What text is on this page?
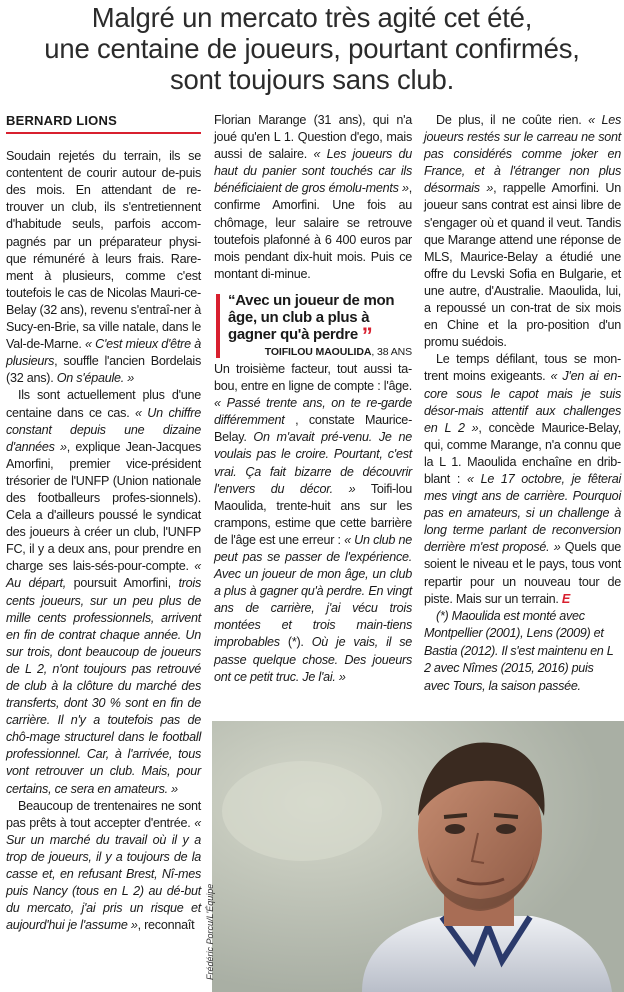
Malgré un mercato très agité cet été,
une centaine de joueurs, pourtant confirmés,
sont toujours sans club.
BERNARD LIONS

Soudain rejetés du terrain, ils se contentent de courir autour de-puis des mois. En attendant de re-trouver un club, ils s'entretiennent d'habitude seuls, parfois accom-pagnés par un préparateur physi-que rémunéré à leurs frais. Rare-ment à plusieurs, comme c'est toutefois le cas de Nicolas Mauri-ce-Belay (32 ans), revenu s'entraî-ner à Sucy-en-Brie, sa ville natale, dans le Val-de-Marne. « C'est mieux d'être à plusieurs, souffle l'ancien Bordelais (32 ans). On s'épaule. »

Ils sont actuellement plus d'une centaine dans ce cas. « Un chiffre constant depuis une dizaine d'années », explique Jean-Jacques Amorfini, premier vice-président trésorier de l'UNFP (Union nationale des footballeurs profes-sionnels). Cela a d'ailleurs poussé le syndicat des joueurs à créer un club, l'UNFP FC, il y a deux ans, pour prendre en charge ses lais-sés-pour-compte. « Au départ, poursuit Amorfini, trois cents joueurs, sur un peu plus de mille cents professionnels, arrivent en fin de contrat chaque année. Un sur trois, dont beaucoup de joueurs de L 2, n'ont toujours pas retrouvé de club à la clôture du marché des transferts, dont 30 % sont en fin de carrière. Il n'y a toutefois pas de chô-mage structurel dans le football professionnel. Car, à l'arrivée, tous vont retrouver un club. Mais, pour certains, ce sera en amateurs. »

Beaucoup de trentenaires ne sont pas prêts à tout accepter d'entrée. « Sur un marché du travail où il y a trop de joueurs, il y a toujours de la casse et, en refusant Brest, Nî-mes puis Nancy (tous en L 2) au dé-but du mercato, j'ai pris un risque et aujourd'hui je l'assume », reconnaît

Florian Marange (31 ans), qui n'a joué qu'en L 1. Question d'ego, mais aussi de salaire. « Les joueurs du haut du panier sont touchés car ils bénéficiaient de gros émolu-ments », confirme Amorfini. Une fois au chômage, leur salaire se retrouve toutefois plafonné à 6 400 euros par mois pendant dix-huit mois. Puis ce montant di-minue.

“Avec un joueur de mon âge, un club a plus à gagner qu'à perdre ”
TOIFILOU MAOULIDA, 38 ANS

Un troisième facteur, tout aussi ta-bou, entre en ligne de compte : l'âge. « Passé trente ans, on te re-garde différemment , constate Maurice-Belay. On m'avait pré-venu. Je ne voulais pas le croire. Pourtant, c'est vrai. Ça fait bizarre de découvrir l'envers du décor. » Toifi-lou Maoulida, trente-huit ans sur les crampons, estime que cette barrière de l'âge est une erreur : « Un club ne peut pas se passer de l'expérience. Avec un joueur de mon âge, un club a plus à gagner qu'à perdre. En vingt ans de carrière, j'ai vécu trois montées et trois main-tiens improbables (*). Où je vais, il se passe quelque chose. Des joueurs ont ce petit truc. Je l'ai. »

De plus, il ne coûte rien. « Les joueurs restés sur le carreau ne sont pas considérés comme joker en France, et à l'étranger non plus désormais », rappelle Amorfini. Un joueur sans contrat est ainsi libre de s'engager où et quand il veut. Tandis que Marange attend une réponse de MLS, Maurice-Belay a étudié une offre du Levski Sofia en Bulgarie, et une autre, d'Australie. Maoulida, lui, a repoussé un con-trat de six mois en Chine et la pro-position d'un promu suédois.

Le temps défilant, tous se mon-trent moins exigeants. « J'en ai en-core sous le capot mais je suis désor-mais attentif aux challenges en L 2 », concède Maurice-Belay, qui, comme Marange, n'a connu que la L 1. Maoulida enchaîne en drib-blant : « Le 17 octobre, je fêterai mes vingt ans de carrière. Pourquoi pas en amateurs, si un challenge à long terme parlant de reconversion derrière m'est proposé. » Quels que soient le niveau et le pays, tous vont repartir pour un nouveau tour de piste. Mais sur un terrain. E

(*) Maoulida est monté avec Montpellier (2001), Lens (2009) et Bastia (2012). Il s'est maintenu en L 2 avec Nîmes (2015, 2016) puis avec Tours, la saison passée.

Frédéric Porcu/L'Équipe
